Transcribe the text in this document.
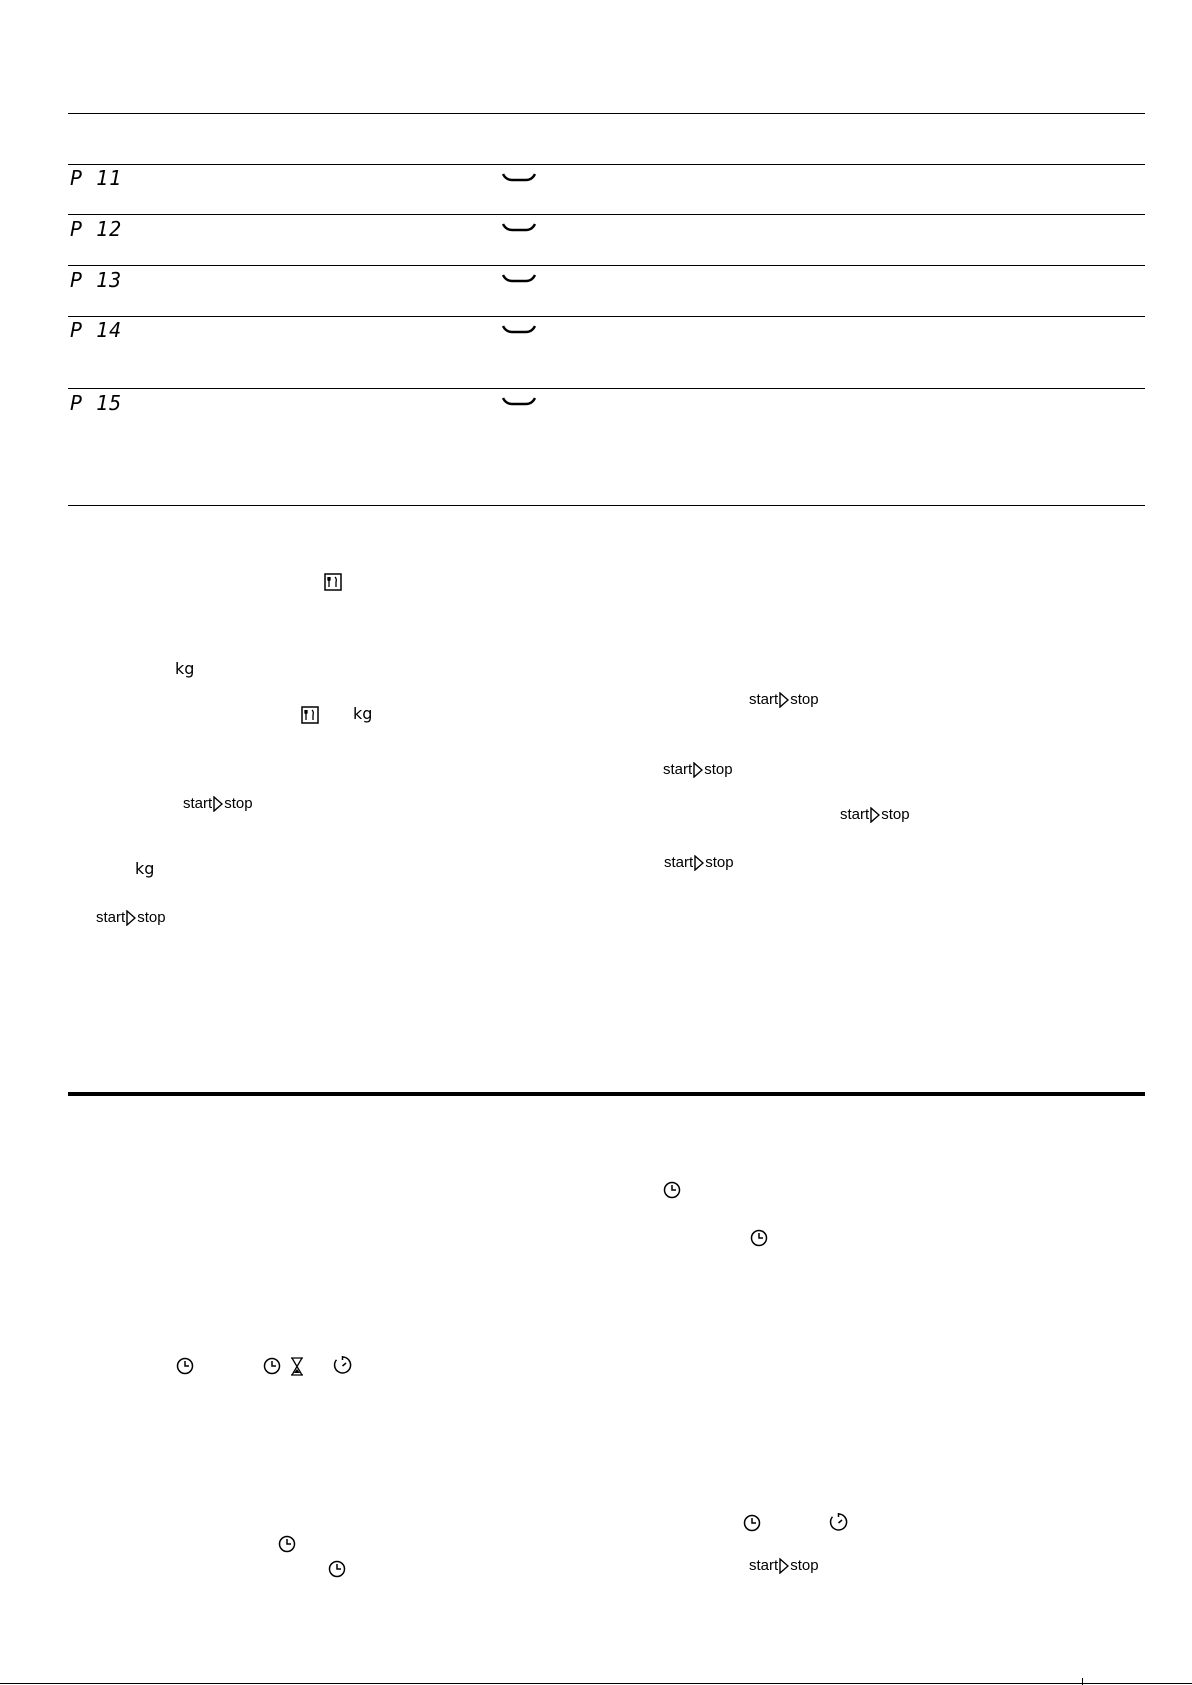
P 11
P 12
P 13
P 14
P 15
kg
kg
kg
start stop
start stop
start stop
start stop
start stop
start stop
start stop
